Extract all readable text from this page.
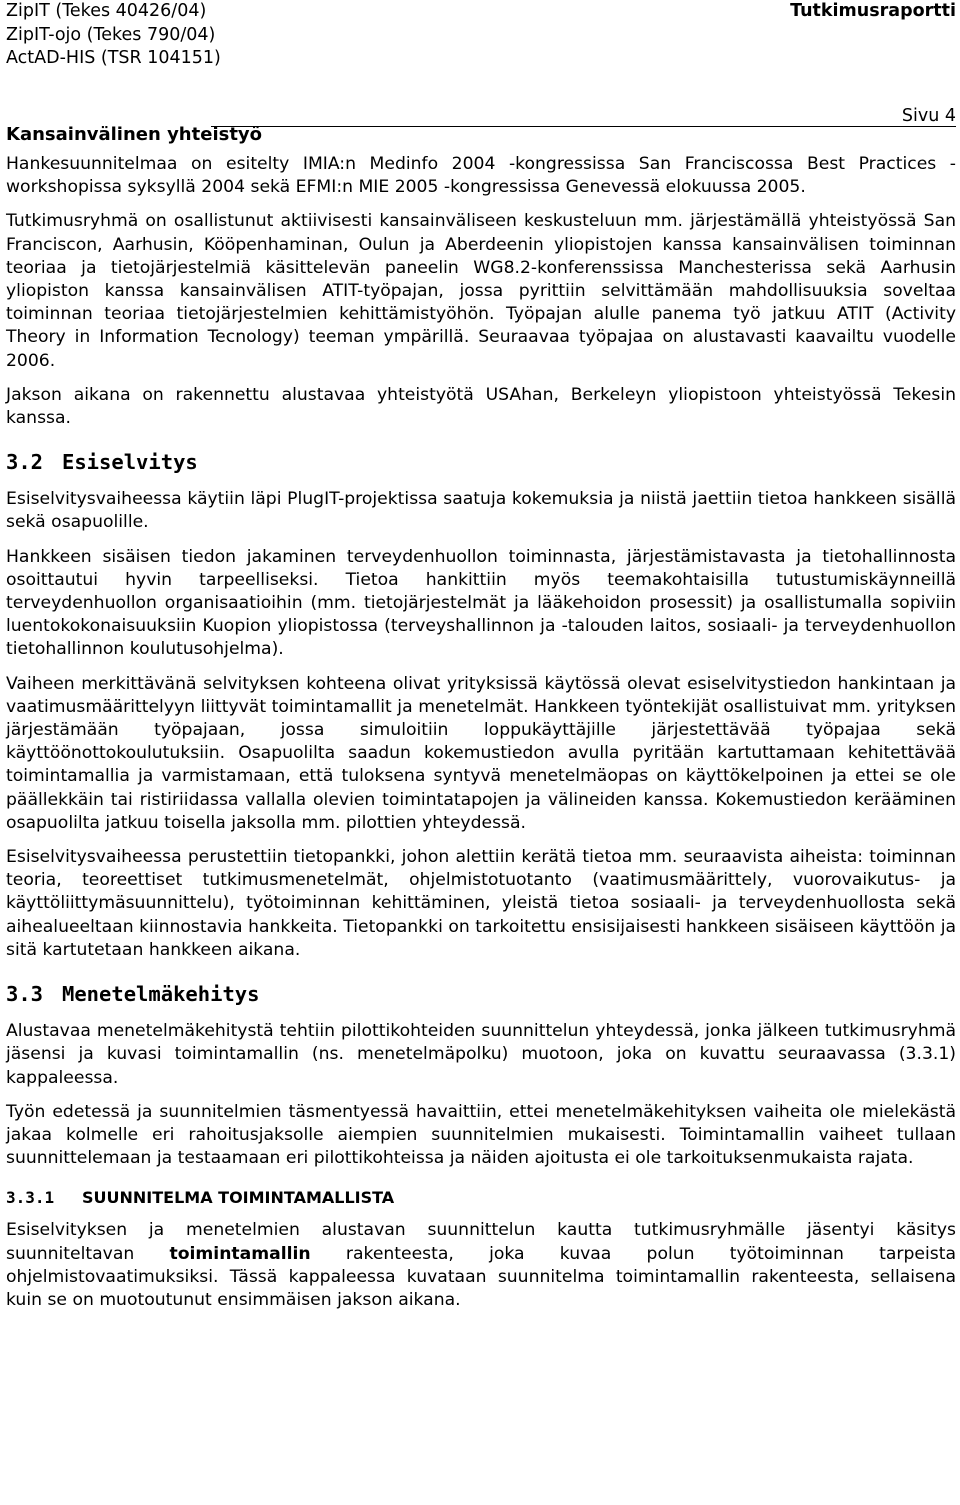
ZipIT (Tekes 40426/04)
ZipIT-ojo (Tekes 790/04)
ActAD-HIS (TSR 104151)
Tutkimusraportti
Kansainvälinen yhteistyö
Sivu 4

Hankesuunnitelmaa on esitelty IMIA:n Medinfo 2004 -kongressissa San Franciscossa Best Practices -workshopissa syksyllä 2004 sekä EFMI:n MIE 2005 -kongressissa Genevessä elokuussa 2005.

Tutkimusryhmä on osallistunut aktiivisesti kansainväliseen keskusteluun mm. järjestämällä yhteistyössä San Franciscon, Aarhusin, Kööpenhaminan, Oulun ja Aberdeenin yliopistojen kanssa kansainvälisen toiminnan teoriaa ja tietojärjestelmiä käsittelevän paneelin WG8.2-konferenssissa Manchesterissa sekä Aarhusin yliopiston kanssa kansainvälisen ATIT-työpajan, jossa pyrittiin selvittämään mahdollisuuksia soveltaa toiminnan teoriaa tietojärjestelmien kehittämistyöhön. Työpajan alulle panema työ jatkuu ATIT (Activity Theory in Information Tecnology) teeman ympärillä. Seuraavaa työpajaa on alustavasti kaavailtu vuodelle 2006.

Jakson aikana on rakennettu alustavaa yhteistyötä USAhan, Berkeleyn yliopistoon yhteistyössä Tekesin kanssa.

3.2 Esiselvitys

Esiselvitysvaiheessa käytiin läpi PlugIT-projektissa saatuja kokemuksia ja niistä jaettiin tietoa hankkeen sisällä sekä osapuolille.

Hankkeen sisäisen tiedon jakaminen terveydenhuollon toiminnasta, järjestämistavasta ja tietohallinnosta osoittautui hyvin tarpeelliseksi. Tietoa hankittiin myös teemakohtaisilla tutustumiskäynneillä terveydenhuollon organisaatioihin (mm. tietojärjestelmät ja lääkehoidon prosessit) ja osallistumalla sopiviin luentokokonaisuuksiin Kuopion yliopistossa (terveyshallinnon ja -talouden laitos, sosiaali- ja terveydenhuollon tietohallinnon koulutusohjelma).

Vaiheen merkittävänä selvityksen kohteena olivat yrityksissä käytössä olevat esiselvitystiedon hankintaan ja vaatimusmäärittelyyn liittyvät toimintamallit ja menetelmät. Hankkeen työntekijät osallistuivat mm. yrityksen järjestämään työpajaan, jossa simuloitiin loppukäyttäjille järjestettävää työpajaa sekä käyttöönottokoulutuksiin. Osapuolilta saadun kokemustiedon avulla pyritään kartuttamaan kehitettävää toimintamallia ja varmistamaan, että tuloksena syntyvä menetelmäopas on käyttökelpoinen ja ettei se ole päällekkäin tai ristiriidassa vallalla olevien toimintatapojen ja välineiden kanssa. Kokemustiedon kerääminen osapuolilta jatkuu toisella jaksolla mm. pilottien yhteydessä.

Esiselvitysvaiheessa perustettiin tietopankki, johon alettiin kerätä tietoa mm. seuraavista aiheista: toiminnan teoria, teoreettiset tutkimusmenetelmät, ohjelmistotuotanto (vaatimusmäärittely, vuorovaikutus- ja käyttöliittymäsuunnittelu), työtoiminnan kehittäminen, yleistä tietoa sosiaali- ja terveydenhuollosta sekä aihealueeltaan kiinnostavia hankkeita. Tietopankki on tarkoitettu ensisijaisesti hankkeen sisäiseen käyttöön ja sitä kartutetaan hankkeen aikana.

3.3 Menetelmäkehitys

Alustavaa menetelmäkehitystä tehtiin pilottikohteiden suunnittelun yhteydessä, jonka jälkeen tutkimusryhmä jäsensi ja kuvasi toimintamallin (ns. menetelmäpolku) muotoon, joka on kuvattu seuraavassa (3.3.1) kappaleessa.

Työn edetessä ja suunnitelmien täsmentyessä havaittiin, ettei menetelmäkehityksen vaiheita ole mielekästä jakaa kolmelle eri rahoitusjaksolle aiempien suunnitelmien mukaisesti. Toimintamallin vaiheet tullaan suunnittelemaan ja testaamaan eri pilottikohteissa ja näiden ajoitusta ei ole tarkoituksenmukaista rajata.

3.3.1 SUUNNITELMA TOIMINTAMALLISTA

Esiselvityksen ja menetelmien alustavan suunnittelun kautta tutkimusryhmälle jäsentyi käsitys suunniteltavan toimintamallin rakenteesta, joka kuvaa polun työtoiminnan tarpeista ohjelmistovaatimuksiksi. Tässä kappaleessa kuvataan suunnitelma toimintamallin rakenteesta, sellaisena kuin se on muotoutunut ensimmäisen jakson aikana.
